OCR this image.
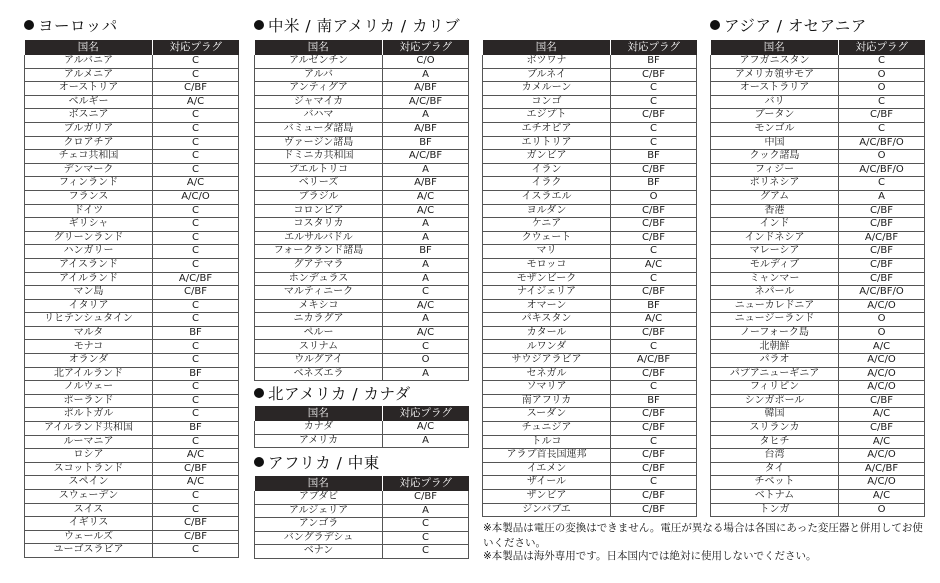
ヨーロッパ
国名	対応プラグ
アルバニア	C
アルメニア	C
オーストリア	C/BF
ベルギー	A/C
ボスニア	C
ブルガリア	C
クロアチア	C
チェコ共和国	C
デンマーク	C
フィンランド	A/C
フランス	A/C/O
ドイツ	C
ギリシャ	C
グリーンランド	C
ハンガリー	C
アイスランド	C
アイルランド	A/C/BF
マン島	C/BF
イタリア	C
リヒテンシュタイン	C
マルタ	BF
モナコ	C
オランダ	C
北アイルランド	BF
ノルウェー	C
ポーランド	C
ポルトガル	C
アイルランド共和国	BF
ルーマニア	C
ロシア	A/C
スコットランド	C/BF
スペイン	A/C
スウェーデン	C
スイス	C
イギリス	C/BF
ウェールズ	C/BF
ユーゴスラビア	C
中米 / 南アメリカ / カリブ
国名	対応プラグ
アルゼンチン	C/O
アルバ	A
アンティグア	A/BF
ジャマイカ	A/C/BF
バハマ	A
バミューダ諸島	A/BF
ヴァージン諸島	BF
ドミニカ共和国	A/C/BF
プエルトリコ	A
ベリーズ	A/BF
ブラジル	A/C
コロンビア	A/C
コスタリカ	A
エルサルバドル	A
フォークランド諸島	BF
グアテマラ	A
ホンデュラス	A
マルティニーク	C
メキシコ	A/C
ニカラグア	A
ペルー	A/C
スリナム	C
ウルグアイ	O
ベネズエラ	A
北アメリカ / カナダ
国名	対応プラグ
カナダ	A/C
アメリカ	A
アフリカ / 中東
国名	対応プラグ
アブダビ	C/BF
アルジェリア	A
アンゴラ	C
バングラデシュ	C
ベナン	C
国名	対応プラグ
ボツワナ	BF
ブルネイ	C/BF
カメルーン	C
コンゴ	C
エジプト	C/BF
エチオピア	C
エリトリア	C
ガンビア	BF
イラン	C/BF
イラク	BF
イスラエル	O
ヨルダン	C/BF
ケニア	C/BF
クウェート	C/BF
マリ	C
モロッコ	A/C
モザンビーク	C
ナイジェリア	C/BF
オマーン	BF
パキスタン	A/C
カタール	C/BF
ルワンダ	C
サウジアラビア	A/C/BF
セネガル	C/BF
ソマリア	C
南アフリカ	BF
スーダン	C/BF
チュニジア	C/BF
トルコ	C
アラブ首長国連邦	C/BF
イエメン	C/BF
ザイール	C
ザンビア	C/BF
ジンバブエ	C/BF
アジア / オセアニア
国名	対応プラグ
アフガニスタン	C
アメリカ領サモア	O
オーストラリア	O
バリ	C
ブータン	C/BF
モンゴル	C
中国	A/C/BF/O
クック諸島	O
フィジー	A/C/BF/O
ポリネシア	C
グアム	A
香港	C/BF
インド	C/BF
インドネシア	A/C/BF
マレーシア	C/BF
モルディブ	C/BF
ミャンマー	C/BF
ネパール	A/C/BF/O
ニューカレドニア	A/C/O
ニュージーランド	O
ノーフォーク島	O
北朝鮮	A/C
パラオ	A/C/O
パプアニューギニア	A/C/O
フィリピン	A/C/O
シンガポール	C/BF
韓国	A/C
スリランカ	C/BF
タヒチ	A/C
台湾	A/C/O
タイ	A/C/BF
チベット	A/C/O
ベトナム	A/C
トンガ	O
※本製品は電圧の変換はできません。電圧が異なる場合は各国にあった変圧器と併用してお使いください。
※本製品は海外専用です。日本国内では絶対に使用しないでください。
